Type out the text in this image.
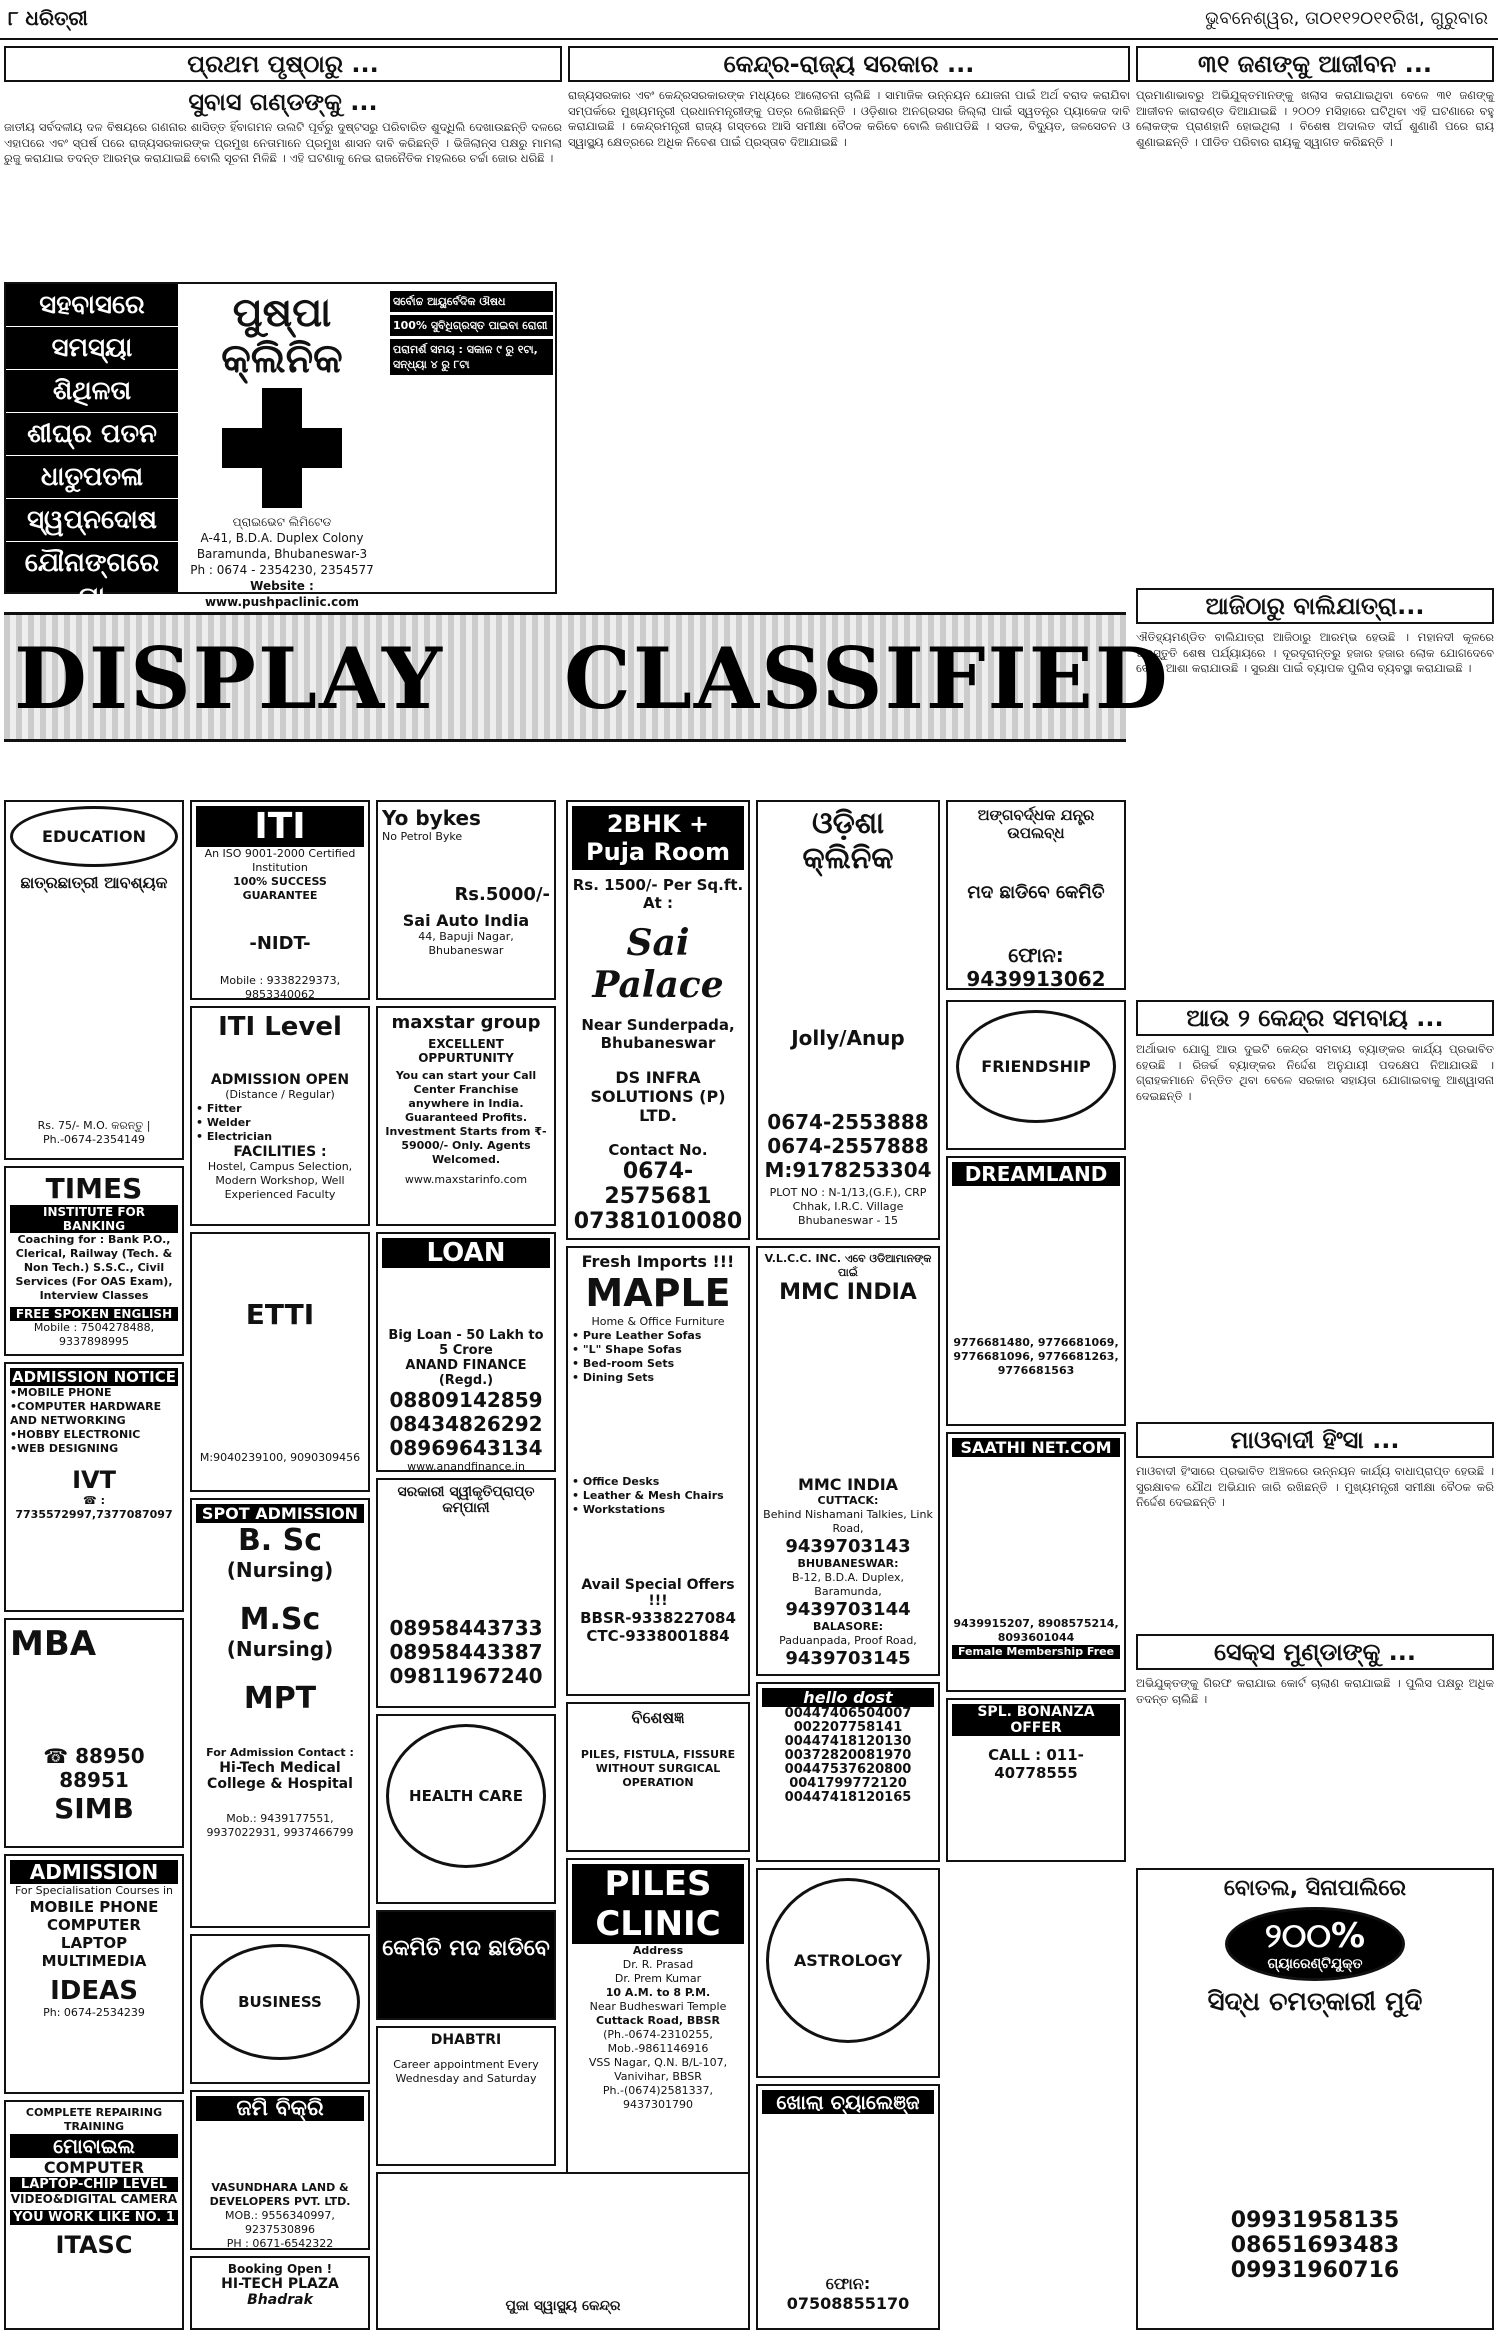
୮ ଧରିତ୍ରୀ	ଭୁବନେଶ୍ୱର, ତା୦୧୧୨୦୧୧ରିଖ, ଗୁରୁବାର
ପ୍ରଥମ ପୃଷ୍ଠାରୁ ...
ସୁବାସ ଗଣ୍ଡଙ୍କୁ ...
ଜାତୀୟ ସର୍ବଦଳୀୟ ଦଳ ବିଷୟରେ ଗଣନାର ଶାସିତ୍ତ ହିଁବାଗମନ ଉଲଟି ପୂର୍ବରୁ ଦୁଷ୍ଟସରୁ ପରିବାରିତ ଶୁଦ୍ଧିଲି ଦେଖାଉଛନ୍ତି ଦଳରେ ଏହାପରେ ଏବଂ ସ୍ପର୍ଷ ପରେ ରାଜ୍ୟସରକାରଙ୍କ ପ୍ରମୁଖ ନେତାମାନେ ପ୍ରମୁଖ ଶାସନ ଦାବି କରିଛନ୍ତି । ଭିଜିଲାନ୍ସ ପକ୍ଷରୁ ମାମଲା ରୁଜୁ କରାଯାଇ ତଦନ୍ତ ଆରମ୍ଭ କରାଯାଇଛି ବୋଲି ସୂଚନା ମିଳିଛି । ଏହି ଘଟଣାକୁ ନେଇ ରାଜନୈତିକ ମହଲରେ ଚର୍ଚ୍ଚା ଜୋର ଧରିଛି ।
ସହବାସରେ
ସମସ୍ୟା
ଶିଥିଳତା
ଶୀଘ୍ର ପତନ
ଧାତୁପତଳା
ସ୍ୱପ୍ନଦୋଷ
ଯୌନାଙ୍ଗରେ ଘା
ପୁଷ୍ପା କ୍ଲିନିକ
ପ୍ରାଇଭେଟ ଲିମିଟେଡ
A-41, B.D.A. Duplex Colony Baramunda, Bhubaneswar-3
Ph : 0674 - 2354230, 2354577
Website : www.pushpaclinic.com
ସର୍ବୋଚ୍ଚ ଆୟୁର୍ବେଦିକ ଔଷଧ
100% ସୁବିଧିଗ୍ରସ୍ତ ପାଇବା ରୋଗୀ
ପରାମର୍ଶ ସମୟ : ସକାଳ ୯ ରୁ ୧ଟା, ସନ୍ଧ୍ୟା ୪ ରୁ ୮ଟା
କେନ୍ଦ୍ର-ରାଜ୍ୟ ସରକାର ...
ରାଜ୍ୟସରକାର ଏବଂ କେନ୍ଦ୍ରସରକାରଙ୍କ ମଧ୍ୟରେ ଆଲୋଚନା ଚାଲିଛି । ସାମାଜିକ ଉନ୍ନୟନ ଯୋଜନା ପାଇଁ ଅର୍ଥ ବରାଦ କରାଯିବା ସମ୍ପର୍କରେ ମୁଖ୍ୟମନ୍ତ୍ରୀ ପ୍ରଧାନମନ୍ତ୍ରୀଙ୍କୁ ପତ୍ର ଲେଖିଛନ୍ତି । ଓଡ଼ିଶାର ଅନଗ୍ରସର ଜିଲ୍ଲା ପାଇଁ ସ୍ୱତନ୍ତ୍ର ପ୍ୟାକେଜ ଦାବି କରାଯାଇଛି । କେନ୍ଦ୍ରମନ୍ତ୍ରୀ ରାଜ୍ୟ ଗସ୍ତରେ ଆସି ସମୀକ୍ଷା ବୈଠକ କରିବେ ବୋଲି ଜଣାପଡିଛି । ସଡକ, ବିଦ୍ୟୁତ, ଜଳସେଚନ ଓ ସ୍ୱାସ୍ଥ୍ୟ କ୍ଷେତ୍ରରେ ଅଧିକ ନିବେଶ ପାଇଁ ପ୍ରସ୍ତାବ ଦିଆଯାଇଛି ।
୩୧ ଜଣଙ୍କୁ ଆଜୀବନ ...
ପ୍ରମାଣାଭାବରୁ ଅଭିଯୁକ୍ତମାନଙ୍କୁ ଖଲାସ କରାଯାଇଥିବା ବେଳେ ୩୧ ଜଣଙ୍କୁ ଆଜୀବନ କାରାଦଣ୍ଡ ଦିଆଯାଇଛି । ୨୦୦୨ ମସିହାରେ ଘଟିଥିବା ଏହି ଘଟଣାରେ ବହୁ ଲୋକଙ୍କ ପ୍ରାଣହାନି ହୋଇଥିଲା । ବିଶେଷ ଅଦାଲତ ଦୀର୍ଘ ଶୁଣାଣି ପରେ ରାୟ ଶୁଣାଇଛନ୍ତି । ପୀଡିତ ପରିବାର ରାୟକୁ ସ୍ୱାଗତ କରିଛନ୍ତି ।
ଆଜିଠାରୁ ବାଲିଯାତ୍ରା...
ଐତିହ୍ୟମଣ୍ଡିତ ବାଲିଯାତ୍ରା ଆଜିଠାରୁ ଆରମ୍ଭ ହେଉଛି । ମହାନଦୀ କୂଳରେ ପ୍ରସ୍ତୁତି ଶେଷ ପର୍ଯ୍ୟାୟରେ । ଦୂରଦୂରାନ୍ତରୁ ହଜାର ହଜାର ଲୋକ ଯୋଗଦେବେ ବୋଲି ଆଶା କରାଯାଉଛି । ସୁରକ୍ଷା ପାଇଁ ବ୍ୟାପକ ପୁଲିସ ବ୍ୟବସ୍ଥା କରାଯାଇଛି ।
ଆଉ ୨ କେନ୍ଦ୍ର ସମବାୟ ...
ଅର୍ଥାଭାବ ଯୋଗୁ ଆଉ ଦୁଇଟି କେନ୍ଦ୍ର ସମବାୟ ବ୍ୟାଙ୍କର କାର୍ଯ୍ୟ ପ୍ରଭାବିତ ହେଉଛି । ରିଜର୍ଭ ବ୍ୟାଙ୍କର ନିର୍ଦ୍ଦେଶ ଅନୁଯାୟୀ ପଦକ୍ଷେପ ନିଆଯାଉଛି । ଗ୍ରାହକମାନେ ଚିନ୍ତିତ ଥିବା ବେଳେ ସରକାର ସହାୟତା ଯୋଗାଇବାକୁ ଆଶ୍ୱାସନା ଦେଇଛନ୍ତି ।
ମାଓବାଦୀ ହିଂସା ...
ମାଓବାଦୀ ହିଂସାରେ ପ୍ରଭାବିତ ଅଞ୍ଚଳରେ ଉନ୍ନୟନ କାର୍ଯ୍ୟ ବାଧାପ୍ରାପ୍ତ ହେଉଛି । ସୁରକ୍ଷାବଳ ଯୌଥ ଅଭିଯାନ ଜାରି ରଖିଛନ୍ତି । ମୁଖ୍ୟମନ୍ତ୍ରୀ ସମୀକ୍ଷା ବୈଠକ କରି ନିର୍ଦ୍ଦେଶ ଦେଇଛନ୍ତି ।
ସେକ୍ସ ମୁଣ୍ଡାଙ୍କୁ ...
ଅଭିଯୁକ୍ତଙ୍କୁ ଗିରଫ କରାଯାଇ କୋର୍ଟ ଚାଲାଣ କରାଯାଇଛି । ପୁଲିସ ପକ୍ଷରୁ ଅଧିକ ତଦନ୍ତ ଚାଲିଛି ।
ବୋତଲ, ସିନାପାଲିରେ
୨୦୦%
ଗ୍ୟାରେଣ୍ଟିଯୁକ୍ତ
ସିଦ୍ଧ ଚମତ୍କାରୀ ମୁଦି
09931958135
08651693483
09931960716
DISPLAY CLASSIFIED
EDUCATION
ଛାତ୍ରଛାତ୍ରୀ ଆବଶ୍ୟକ
Rs. 75/- M.O. କରନ୍ତୁ | Ph.-0674-2354149
ITI
An ISO 9001-2000 Certified Institution
100% SUCCESS GUARANTEE
-NIDT-
Mobile : 9338229373, 9853340062
Yo bykes
No Petrol Byke
Rs.5000/-
Sai Auto India
44, Bapuji Nagar, Bhubaneswar
2BHK + Puja Room
Rs. 1500/- Per Sq.ft.
At :
Sai Palace
Near Sunderpada, Bhubaneswar
DS INFRA SOLUTIONS (P) LTD.
Contact No.
0674-2575681
07381010080
ଓଡ଼ିଶା କ୍ଲିନିକ
Jolly/Anup
0674-2553888
0674-2557888
M:9178253304
PLOT NO : N-1/13,(G.F.), CRP Chhak, I.R.C. Village Bhubaneswar - 15
ଅଙ୍ଗବର୍ଦ୍ଧକ ଯନ୍ତ୍ର ଉପଲବ୍ଧ
ମଦ ଛାଡିବେ କେମିତି
ଫୋନ: 9439913062
FRIENDSHIP
ITI Level
ADMISSION OPEN
(Distance / Regular)
• Fitter
• Welder
• Electrician
FACILITIES :
Hostel, Campus Selection, Modern Workshop, Well Experienced Faculty
maxstar group
EXCELLENT OPPURTUNITY
You can start your Call Center Franchise anywhere in India. Guaranteed Profits. Investment Starts from ₹- 59000/- Only. Agents Welcomed.
www.maxstarinfo.com
V.L.C.C. INC. ଏବେ ଓଡିଆମାନଙ୍କ ପାଇଁ
MMC INDIA
MMC INDIA
CUTTACK:
Behind Nishamani Talkies, Link Road,
9439703143
BHUBANESWAR:
B-12, B.D.A. Duplex, Baramunda,
9439703144
BALASORE:
Paduanpada, Proof Road,
9439703145
DREAMLAND
9776681480, 9776681069, 9776681096, 9776681263, 9776681563
TIMES
INSTITUTE FOR BANKING
Coaching for : Bank P.O., Clerical, Railway (Tech. & Non Tech.) S.S.C., Civil Services (For OAS Exam), Interview Classes
FREE SPOKEN ENGLISH
Mobile : 7504278488, 9337898995
LOAN
Big Loan - 50 Lakh to 5 Crore
ANAND FINANCE (Regd.)
08809142859
08434826292
08969643134
www.anandfinance.in
Fresh Imports !!!
MAPLE
Home & Office Furniture
• Pure Leather Sofas
• "L" Shape Sofas
• Bed-room Sets
• Dining Sets
• Office Desks
• Leather & Mesh Chairs
• Workstations
Avail Special Offers !!!
BBSR-9338227084
CTC-9338001884
ADMISSION NOTICE
•MOBILE PHONE
•COMPUTER HARDWARE AND NETWORKING
•HOBBY ELECTRONIC
•WEB DESIGNING
IVT
☎ : 7735572997,7377087097
ETTI
M:9040239100, 9090309456
SPOT ADMISSION
B. Sc
(Nursing)
M.Sc
(Nursing)
MPT
For Admission Contact :
Hi-Tech Medical College & Hospital
Mob.: 9439177551, 9937022931, 9937466799
ସରକାରୀ ସ୍ୱୀକୃତିପ୍ରାପ୍ତ କମ୍ପାନୀ
08958443733
08958443387
09811967240
SAATHI NET.COM
9439915207, 8908575214, 8093601044
Female Membership Free
MBA
☎ 88950 88951
SIMB	HEALTH CARE
କେମିତି ମଦ ଛାଡିବେ
ବିଶେଷଜ୍ଞ
PILES, FISTULA, FISSURE WITHOUT SURGICAL OPERATION
PILES CLINIC
Address
Dr. R. Prasad
Dr. Prem Kumar
10 A.M. to 8 P.M.
Near Budheswari Temple
Cuttack Road, BBSR
(Ph.-0674-2310255, Mob.-9861146916
VSS Nagar, Q.N. B/L-107, Vanivihar, BBSR
Ph.-(0674)2581337, 9437301790
hello dost
00447406504007
002207758141
00447418120130
00372820081970
00447537620800
0041799772120
00447418120165
SPL. BONANZA OFFER
CALL : 011-40778555
ASTROLOGY
ଖୋଲା ଚ୍ୟାଲେଞ୍ଜ
ଫୋନ: 07508855170
ADMISSION
For Specialisation Courses in
MOBILE PHONE
COMPUTER
LAPTOP
MULTIMEDIA
IDEAS
Ph: 0674-2534239
BUSINESS
COMPLETE REPAIRING TRAINING
ମୋବାଇଲ
COMPUTER
LAPTOP-CHIP LEVEL
VIDEO&DIGITAL CAMERA
YOU WORK LIKE NO. 1
ITASC
ଜମି ବିକ୍ରି
VASUNDHARA LAND & DEVELOPERS PVT. LTD.
MOB.: 9556340997, 9237530896
PH : 0671-6542322
DHABTRI
Career appointment Every Wednesday and Saturday
ପୁଜା ସ୍ୱାସ୍ଥ୍ୟ କେନ୍ଦ୍ର
Booking Open !
HI-TECH PLAZA
Bhadrak
